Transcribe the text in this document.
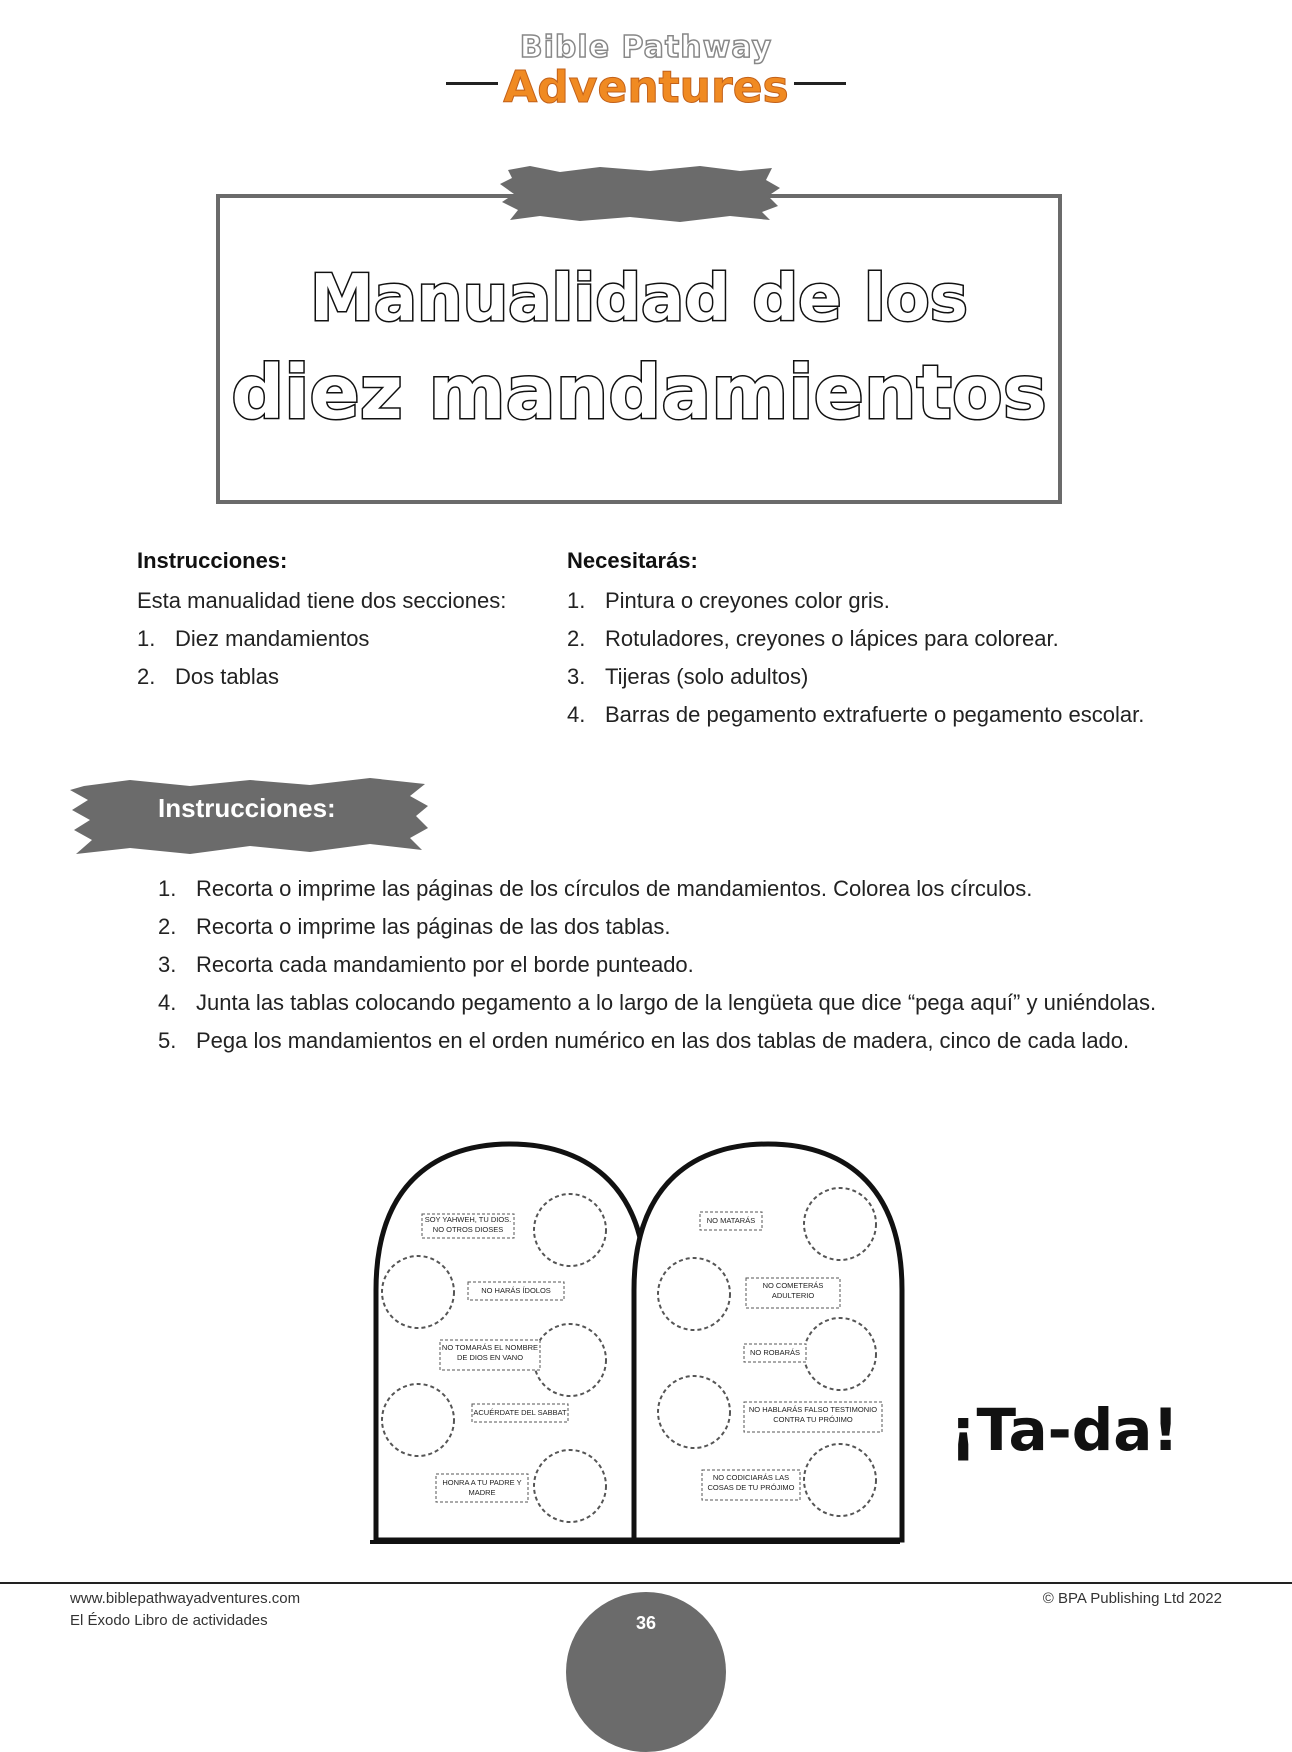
Bible Pathway
Adventures
Manualidad de los
diez mandamientos
Instrucciones:
Esta manualidad tiene dos secciones:
1. Diez mandamientos
2. Dos tablas
Necesitarás:
1. Pintura o creyones color gris.
2. Rotuladores, creyones o lápices para colorear.
3. Tijeras (solo adultos)
4. Barras de pegamento extrafuerte o pegamento escolar.
Instrucciones:
1. Recorta o imprime las páginas de los círculos de mandamientos. Colorea los círculos.
2. Recorta o imprime las páginas de las dos tablas.
3. Recorta cada mandamiento por el borde punteado.
4. Junta las tablas colocando pegamento a lo largo de la lengüeta que dice “pega aquí” y uniéndolas.
5. Pega los mandamientos en el orden numérico en las dos tablas de madera, cinco de cada lado.
SOY YAHWEH, TU DIOS. NO OTROS DIOSES
NO HARÁS ÍDOLOS
NO TOMARÁS EL NOMBRE DE DIOS EN VANO
ACUÉRDATE DEL SABBAT
HONRA A TU PADRE Y MADRE
NO MATARÁS
NO COMETERÁS ADULTERIO
NO ROBARÁS
NO HABLARÁS FALSO TESTIMONIO CONTRA TU PRÓJIMO
NO CODICIARÁS LAS COSAS DE TU PRÓJIMO
¡Ta-da!
www.biblepathwayadventures.com
El Éxodo Libro de actividades
© BPA Publishing Ltd 2022
36
